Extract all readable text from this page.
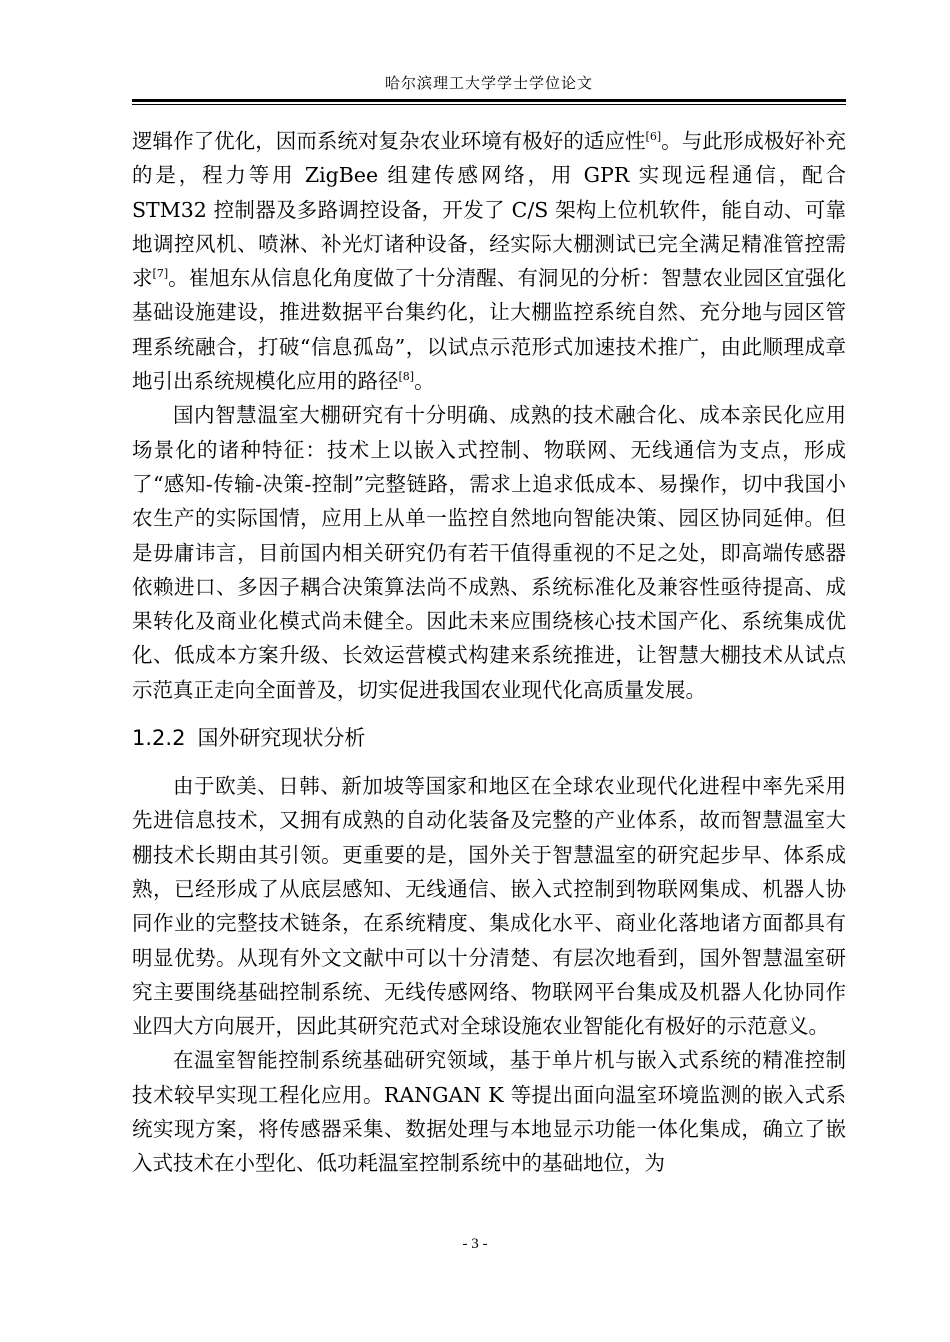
哈尔滨理工大学学士学位论文

逻辑作了优化，因而系统对复杂农业环境有极好的适应性[6]。与此形成极好补充的是，程力等用 ZigBee 组建传感网络，用 GPR 实现远程通信，配合 STM32 控制器及多路调控设备，开发了 C/S 架构上位机软件，能自动、可靠地调控风机、喷淋、补光灯诸种设备，经实际大棚测试已完全满足精准管控需求[7]。崔旭东从信息化角度做了十分清醒、有洞见的分析：智慧农业园区宜强化基础设施建设，推进数据平台集约化，让大棚监控系统自然、充分地与园区管理系统融合，打破“信息孤岛”，以试点示范形式加速技术推广，由此顺理成章地引出系统规模化应用的路径[8]。

国内智慧温室大棚研究有十分明确、成熟的技术融合化、成本亲民化应用场景化的诸种特征：技术上以嵌入式控制、物联网、无线通信为支点，形成了“感知-传输-决策-控制”完整链路，需求上追求低成本、易操作，切中我国小农生产的实际国情，应用上从单一监控自然地向智能决策、园区协同延伸。但是毋庸讳言，目前国内相关研究仍有若干值得重视的不足之处，即高端传感器依赖进口、多因子耦合决策算法尚不成熟、系统标准化及兼容性亟待提高、成果转化及商业化模式尚未健全。因此未来应围绕核心技术国产化、系统集成优化、低成本方案升级、长效运营模式构建来系统推进，让智慧大棚技术从试点示范真正走向全面普及，切实促进我国农业现代化高质量发展。

1.2.2 国外研究现状分析

由于欧美、日韩、新加坡等国家和地区在全球农业现代化进程中率先采用先进信息技术，又拥有成熟的自动化装备及完整的产业体系，故而智慧温室大棚技术长期由其引领。更重要的是，国外关于智慧温室的研究起步早、体系成熟，已经形成了从底层感知、无线通信、嵌入式控制到物联网集成、机器人协同作业的完整技术链条，在系统精度、集成化水平、商业化落地诸方面都具有明显优势。从现有外文文献中可以十分清楚、有层次地看到，国外智慧温室研究主要围绕基础控制系统、无线传感网络、物联网平台集成及机器人化协同作业四大方向展开，因此其研究范式对全球设施农业智能化有极好的示范意义。

在温室智能控制系统基础研究领域，基于单片机与嵌入式系统的精准控制技术较早实现工程化应用。RANGAN K 等提出面向温室环境监测的嵌入式系统实现方案，将传感器采集、数据处理与本地显示功能一体化集成，确立了嵌入式技术在小型化、低功耗温室控制系统中的基础地位，为

- 3 -
